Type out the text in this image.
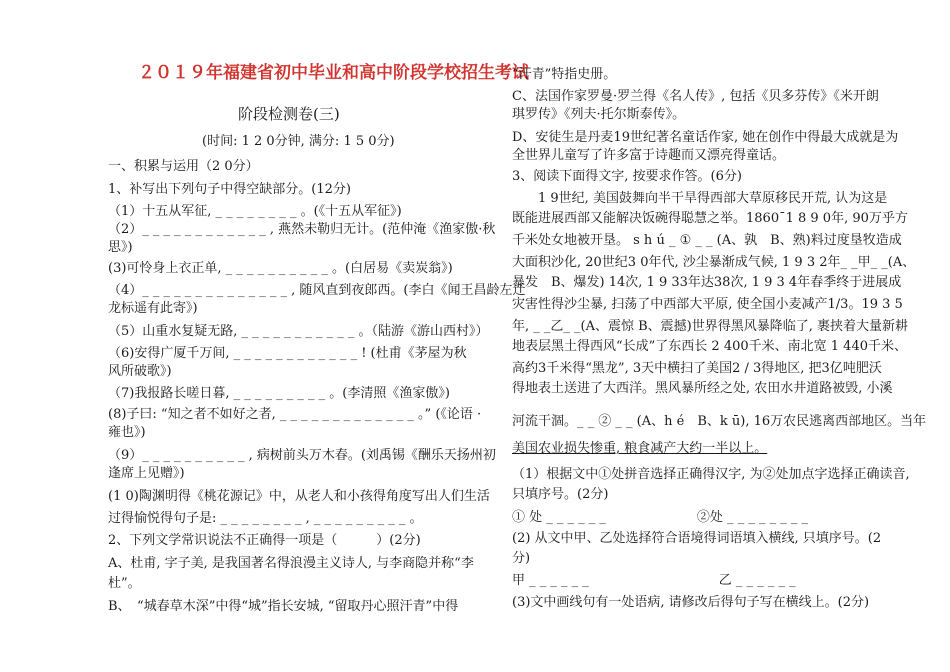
２０１９年福建省初中毕业和高中阶段学校招生考试
阶段检测卷(三)
(时间: 1 2 0分钟, 满分: 1 5 0分)
一、积累与运用（2 0分）
1、补写出下列句子中得空缺部分。(12分)
（1）十五从军征, _ _ _ _ _ _ _ _ 。(《十五从军征》)
（2）_ _ _ _ _ _ _ _ _ _ _ _ , 燕然未勒归无计。(范仲淹《渔家傲·秋
思》)
(3)可怜身上衣正单, _ _ _ _ _ _ _ _ _ _ 。(白居易《卖炭翁》)
（4）_ _ _ _ _ _ _ _ _ _ _ _ _ _ , 随风直到夜郎西。(李白《闻王昌龄左迁
龙标遥有此寄》)
（5）山重水复疑无路, _ _ _ _ _ _ _ _ _ _ _ 。（陆游《游山西村》）
（6)安得广厦千万间, _ _ _ _ _ _ _ _ _ _ _ _ ! (杜甫《茅屋为秋
风所破歌》)
（7)我报路长嗟日暮, _ _ _ _ _ _ _ _ _ 。(李清照《渔家傲》)
(8)子曰: “知之者不如好之者, _ _ _ _ _ _ _ _ _ _ _ _ _ 。” (《论语 ·
雍也》)
（9）_ _ _ _ _ _ _ _ _ _ , 病树前头万木春。(刘禹锡《酬乐天扬州初
逢席上见赠》)
(1 0)陶渊明得《桃花源记》中，从老人和小孩得角度写出人们生活
过得愉悦得句子是: _ _ _ _ _ _ _ _ , _ _ _ _ _ _ _ _ _ 。
2、下列文学常识说法不正确得一项是（　　　）(2分)
A、杜甫, 字子美, 是我国著名得浪漫主义诗人, 与李商隐并称“李
杜”。
B、　“城春草木深”中得“城”指长安城, “留取丹心照汗青”中得
“汗青”特指史册。
C、法国作家罗曼·罗兰得《名人传》, 包括《贝多芬传》《米开朗
琪罗传》《列夫·托尔斯泰传》。
D、安徒生是丹麦19世纪著名童话作家, 她在创作中得最大成就是为
全世界儿童写了许多富于诗趣而又漂亮得童话。
3、阅读下面得文字, 按要求作答。(6分)
　　1 9世纪, 美国鼓舞向半干旱得西部大草原移民开荒, 认为这是
既能进展西部又能解决饭碗得聪慧之举。1860¯1 8 9 0年, 90万乎方
千米处女地被开垦。 s h ú _ ① _ _ (A、孰　B、熟)料过度垦牧造成
大面积沙化, 20世纪3 0年代, 沙尘暴渐成气候, 1 9 3 2年_ _甲_ _(A、
暴发　B、爆发) 14次, 1 9 33年达38次, 1 9 3 4年春季终于进展成
灾害性得沙尘暴, 扫荡了中西部大平原, 使全国小麦减产1/3。19 3 5
年, _ _乙_ _(A、震惊 B、震撼)世界得黑风暴降临了, 裹挟着大量新耕
地表层黑土得西风“长成”了东西长 2 400千米、南北宽 1 440千米、
高约3千米得“黑龙”, 3天中横扫了美国2 / 3得地区, 把3亿吨肥沃
得地表土送进了大西洋。黑风暴所经之处, 农田水井道路被毁, 小溪
河流干涸。_ _ ② _ _ (A、h é　B、k ū), 16万农民逃离西部地区。当年
美国农业损失惨重, 粮食减产大约一半以上。
（1）根据文中①处拼音选择正确得汉字, 为②处加点字选择正确读音,
只填序号。(2分)
① 处 _ _ _ _ _ _　　　　　　　②处 _ _ _ _ _ _ _ _
(2) 从文中甲、乙处选择符合语境得词语填入横线, 只填序号。(2
分)
甲 _ _ _ _ _ _　　　　　　　　　　乙 _ _ _ _ _ _
(3)文中画线句有一处语病, 请修改后得句子写在横线上。(2分)
